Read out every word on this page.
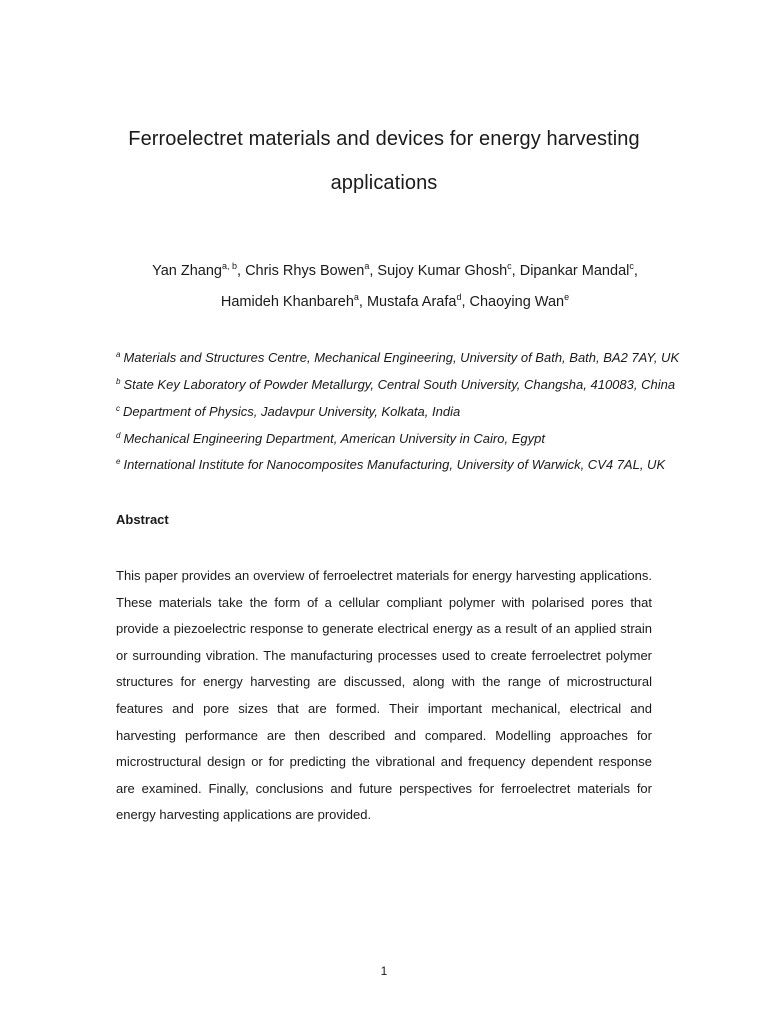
Ferroelectret materials and devices for energy harvesting
applications
Yan Zhang$^{a, b}$, Chris Rhys Bowen$^a$, Sujoy Kumar Ghosh$^c$, Dipankar Mandal$^c$,
Hamideh Khanbareh$^a$, Mustafa Arafa$^d$, Chaoying Wan$^e$
$^a$ Materials and Structures Centre, Mechanical Engineering, University of Bath, Bath, BA2 7AY, UK
$^b$ State Key Laboratory of Powder Metallurgy, Central South University, Changsha, 410083, China
$^c$ Department of Physics, Jadavpur University, Kolkata, India
$^d$ Mechanical Engineering Department, American University in Cairo, Egypt
$^e$ International Institute for Nanocomposites Manufacturing, University of Warwick, CV4 7AL, UK
Abstract
This paper provides an overview of ferroelectret materials for energy harvesting applications. These materials take the form of a cellular compliant polymer with polarised pores that provide a piezoelectric response to generate electrical energy as a result of an applied strain or surrounding vibration. The manufacturing processes used to create ferroelectret polymer structures for energy harvesting are discussed, along with the range of microstructural features and pore sizes that are formed. Their important mechanical, electrical and harvesting performance are then described and compared. Modelling approaches for microstructural design or for predicting the vibrational and frequency dependent response are examined. Finally, conclusions and future perspectives for ferroelectret materials for energy harvesting applications are provided.
1
